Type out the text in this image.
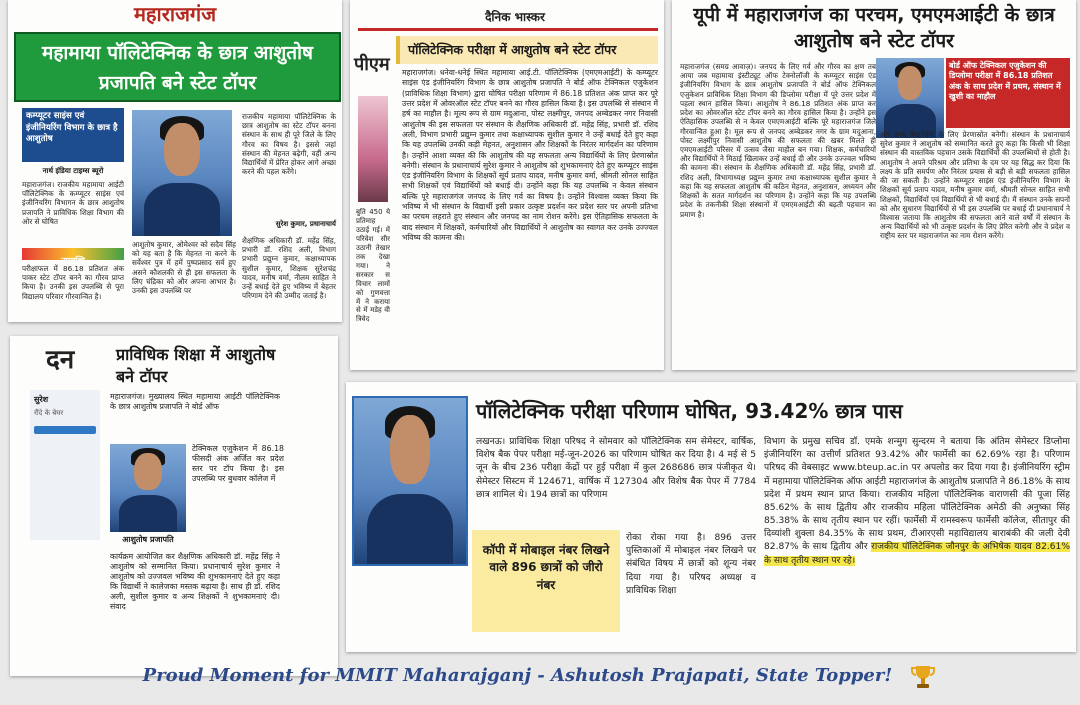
महाराजगंज
महामाया पॉलिटेक्निक के छात्र आशुतोष प्रजापति बने स्टेट टॉपर
कम्प्यूटर साइंस एवं इंजीनियरिंग विभाग के छात्र है आशुतोष
नार्थ इंडिया टाइम्स ब्यूरो
महाराजगंज। राजकीय महामाया आईटी पॉलिटेक्निक के कम्प्यूटर साइंस एवं इंजीनियरिंग विभागन के छात्र आशुतोष प्रजापति ने प्राविधिक शिक्षा विभाग की ओर से घोषित
उपलब्धि
परीक्षाफल में 86.18 प्रतिशत अंक पाकर स्टेट टॉपर बनने का गौरव प्राप्त किया है। उनकी इस उपलब्धि से पूरा विद्यालय परिवार गौरवान्वित है।
आशुतोष कुमार, ओमेश्वर को सदैव सिंह को यह बता है कि मेहनत ना करने के सर्वेश्वर पुत्र में हमें पुष्पप्रसाद सर्व हुए असने कौशलकी से ही इस सफलता के लिए चंद्रिका को और अपना आभार है। उनकी इस उपलब्धि पर
राजकीय महामाया पॉलिटेक्निक के छात्र आशुतोष का स्टेट टॉपर बनना संस्थान के साथ ही पूरे जिले के लिए गौरव का विषय है। इससे जहां संस्थान की मेहनत बढ़ेगी, वहीं अन्य विद्यार्थियों में प्रेरित होकर आगे अच्छा करने की पहल करेंगे।
सुरेश कुमार, प्रधानाचार्य
शैक्षणिक अधिकारी डॉ. महेंद्र सिंह, प्रभारी डॉ. रशिद अली, विभाग प्रभारी प्रद्युम्न कुमार, कक्षाध्यापक सुशील कुमार, शिक्षक सुरेशचंद्र यादव, मनीष वर्मा, नीलम साहित ने उन्हें बधाई देते हुए भविष्य में बेहतर परिणाम देने की उम्मीद जताई है।
दैनिक भास्कर
पीएम
बुति 450 ये प्रतिमाह उठाई गई। में परिवेश सीर उठानी तेखार तक देखा गया। ने सरकार स विचार लामों को गुणवत्ता में ने कराया से में मडेह वी त्रिवेद
पॉलिटेक्निक परीक्षा में आशुतोष बने स्टेट टॉपर
महाराजगंज। धनेवा-धनेई स्थित महामाया आई.टी. पॉलिटेक्निक (एमएमआईटी) के कम्प्यूटर साइंस एंड इंजीनियरिंग विभाग के छात्र आशुतोष प्रजापति ने बोर्ड ऑफ टेक्निकल एजुकेशन (प्राविधिक शिक्षा विभाग) द्वारा घोषित परीक्षा परिणाम में 86.18 प्रतिशत अंक प्राप्त कर पूरे उत्तर प्रदेश में ओवरऑल स्टेट टॉपर बनने का गौरव हासिल किया है। इस उपलब्धि से संस्थान में हर्ष का माहौल है। मूल्य रूप से ग्राम मदुआना, पोस्ट लक्ष्मीपुर, जनपद अम्बेडकर नगर निवासी आशुतोष की इस सफलता पर संस्थान के शैक्षणिक अधिकारी डॉ. महेंद्र सिंह, प्रभारी डॉ. रशिद अली, विभाग प्रभारी प्रद्युम्न कुमार तथा कक्षाध्यापक सुशील कुमार ने उन्हें बधाई देते हुए कहा कि यह उपलब्धि उनकी कड़ी मेहनत, अनुशासन और शिक्षकों के निरंतर मार्गदर्शन का परिणाम है। उन्होंने आशा व्यक्त की कि आशुतोष की यह सफलता अन्य विद्यार्थियों के लिए प्रेरणास्रोत बनेगी। संस्थान के प्रधानाचार्य सुरेश कुमार ने आशुतोष को शुभकामनाएं देते हुए कम्प्यूटर साइंस एंड इंजीनियरिंग विभाग के शिक्षकों सूर्य प्रताप यादव, मनीष कुमार वर्मा, श्रीमती सोनल साहित सभी शिक्षकों एवं विद्यार्थियों को बधाई दी। उन्होंने कहा कि यह उपलब्धि न केवल संस्थान बल्कि पूरे महाराजगंज जनपद के लिए गर्व का विषय है। उन्होंने विश्वास व्यक्त किया कि भविष्य में भी संस्थान के विद्यार्थी इसी प्रकार उत्कृष्ट प्रदर्शन कर प्रदेश स्तर पर अपनी प्रतिभा का परचम लहराते हुए संस्थान और जनपद का नाम रोशन करेंगे। इस ऐतिहासिक सफलता के बाद संस्थान में शिक्षकों, कर्मचारियों और विद्यार्थियों ने आशुतोष का स्वागत कर उनके उज्ज्वल भविष्य की कामना की।
यूपी में महाराजगंज का परचम, एमएमआईटी के छात्र आशुतोष बने स्टेट टॉपर
महाराजगंज (समग्र आवाज़)। जनपद के लिए गर्व और गौरव का क्षण तब आया जब महामाया इंस्टीट्यूट ऑफ टेक्नोलॉजी के कम्प्यूटर साइंस एंड इंजीनियरिंग विभाग के छात्र आशुतोष प्रजापति ने बोर्ड ऑफ टेक्निकल एजुकेशन प्राविधिक शिक्षा विभाग की डिप्लोमा परीक्षा में पूरे उत्तर प्रदेश में पहला स्थान हासिल किया। आशुतोष ने 86.18 प्रतिशत अंक प्राप्त कर प्रदेश का ओवरऑल स्टेट टॉपर बनने का गौरव हासिल किया है। उन्होंने इस ऐतिहासिक उपलब्धि से न केवल एमएमआईटी बल्कि पूरे महाराजगंज जिले गौरवान्वित हुआ है। मूल रूप से जनपद अम्बेडकर नगर के ग्राम मदुआना, पोस्ट लक्ष्मीपुर निवासी आशुतोष की सफलता की खबर मिलते ही एमएमआईटी परिसर में उत्सव जैसा माहौल बन गया। शिक्षक, कर्मचारियों और विद्यार्थियों ने मिठाई खिलाकर उन्हें बधाई दी और उनके उज्ज्वल भविष्य की कामना की। संस्थान के शैक्षणिक अधिकारी डॉ. महेंद्र सिंह, प्रभारी डॉ. रशिद अली, विभागाध्यक्ष प्रद्युम्न कुमार तथा कक्षाध्यापक सुशील कुमार ने कहा कि यह सफलता आशुतोष की कठिन मेहनत, अनुशासन, अध्ययन और शिक्षकों के सतत मार्गदर्शन का परिणाम है। उन्होंने कहा कि यह उपलब्धि प्रदेश के तकनीकी शिक्षा संस्थानों में एमएमआईटी की बढ़ती पहचान का प्रमाण है।
बोर्ड ऑफ टेक्निकल एजुकेशन की डिप्लोमा परीक्षा में 86.18 प्रतिशत अंक के साथ प्रदेश में प्रथम, संस्थान में खुशी का माहौल
और अन्य विद्यार्थियों के लिए प्रेरणास्रोत बनेगी। संस्थान के प्रधानाचार्य सुरेश कुमार ने आशुतोष को सम्मानित करते हुए कहा कि किसी भी शिक्षा संस्थान की वास्तविक पहचान उसके विद्यार्थियों की उपलब्धियों से होती है। आशुतोष ने अपने परिश्रम और प्रतिभा के दम पर यह सिद्ध कर दिया कि लक्ष्य के प्रति समर्पण और निरंतर प्रयास से बड़ी से बड़ी सफलता हासिल की जा सकती है। उन्होंने कम्प्यूटर साइंस एंड इंजीनियरिंग विभाग के शिक्षकों सूर्य प्रताप यादव, मनीष कुमार वर्मा, श्रीमती सोनल साहित सभी शिक्षकों, विद्यार्थियों एवं विद्यार्थियों से भी बधाई दी। मैं संस्थान उनके सपनों को और सुधारण विद्यार्थियों से भी इस उपलब्धि पर बधाई दी प्रधानाचार्य ने विश्वास जताया कि आशुतोष की सफलता आने वाले वर्षों में संस्थान के अन्य विद्यार्थियों को भी उत्कृष्ट प्रदर्शन के लिए प्रेरित करेगी और वे प्रदेश व राष्ट्रीय स्तर पर महाराजगंज का नाम रोशन करेंगे।
दन	प्राविधिक शिक्षा में आशुतोष बने टॉपर
सुरेश
रौंदे के बेघर
आशुतोष प्रजापति
महाराजगंज। मुख्यालय स्थित महामाया आईटी पॉलिटेक्निक के छात्र आशुतोष प्रजापति ने बोर्ड ऑफ
टेक्निकल एजुकेशन में 86.18 फीसदी अंक अर्जित कर प्रदेश स्तर पर टॉप किया है। इस उपलब्धि पर बुधवार कॉलेज में
कार्यक्रम आयोजित कर शैक्षणिक अधिकारी डॉ. महेंद्र सिंह ने आशुतोष को सम्मानित किया। प्रधानाचार्य सुरेश कुमार ने आशुतोष को उज्जवल भविष्य की शुभकामनाएं देते हुए कहा कि विद्यार्थी ने कालेजका मस्तक बढ़ाया है। साथ ही डॉ. रशिद अली, सुशील कुमार व अन्य शिक्षकों ने शुभकामनाएं दी। संवाद
पॉलिटेक्निक परीक्षा परिणाम घोषित, 93.42% छात्र पास
कॉपी में मोबाइल नंबर लिखने वाले 896 छात्रों को जीरो नंबर
लखनऊ। प्राविधिक शिक्षा परिषद ने सोमवार को पॉलिटेक्निक सम सेमेस्टर, वार्षिक, विशेष बैक पेपर परीक्षा मई-जून-2026 का परिणाम घोषित कर दिया है। 4 मई से 5 जून के बीच 236 परीक्षा केंद्रों पर हुई परीक्षा में कुल 268686 छात्र पंजीकृत थे। सेमेस्टर सिस्टम में 124671, वार्षिक में 127304 और विशेष बैक पेपर में 7784 छात्र शामिल थे। 194 छात्रों का परिणाम
रोका रोका गया है। 896 उत्तर पुस्तिकाओं में मोबाइल नंबर लिखने पर संबंधित विषय में छात्रों को शून्य नंबर दिया गया है। परिषद अध्यक्ष व प्राविधिक शिक्षा
विभाग के प्रमुख सचिव डॉ. एमके शन्मुग सुन्दरम ने बताया कि अंतिम सेमेस्टर डिप्लोमा इंजीनियरिंग का उत्तीर्ण प्रतिशत 93.42% और फार्मेसी का 62.69% रहा है। परिणाम परिषद की वेबसाइट www.bteup.ac.in पर अपलोड कर दिया गया है। इंजीनियरिंग स्ट्रीम में महामाया पॉलिटेक्निक ऑफ आईटी महाराजगंज के आशुतोष प्रजापति ने 86.18% के साथ प्रदेश में प्रथम स्थान प्राप्त किया। राजकीय महिला पॉलिटेक्निक वाराणसी की पूजा सिंह 85.62% के साथ द्वितीय और राजकीय महिला पॉलिटेक्निक अमेठी की अनुष्का सिंह 85.38% के साथ तृतीय स्थान पर रहीं। फार्मेसी में रामस्वरूप फार्मेसी कॉलेज, सीतापुर की दिव्यांशी शुक्ला 84.35% के साथ प्रथम, टीआरएसी महाविद्यालय बाराबंकी की जली देवी 82.87% के साथ द्वितीय और राजकीय पॉलिटेक्निक जौनपुर के अभिषेक यादव 82.61% के साथ तृतीय स्थान पर रहे।
Proud Moment for MMIT Maharajganj - Ashutosh Prajapati, State Topper!
